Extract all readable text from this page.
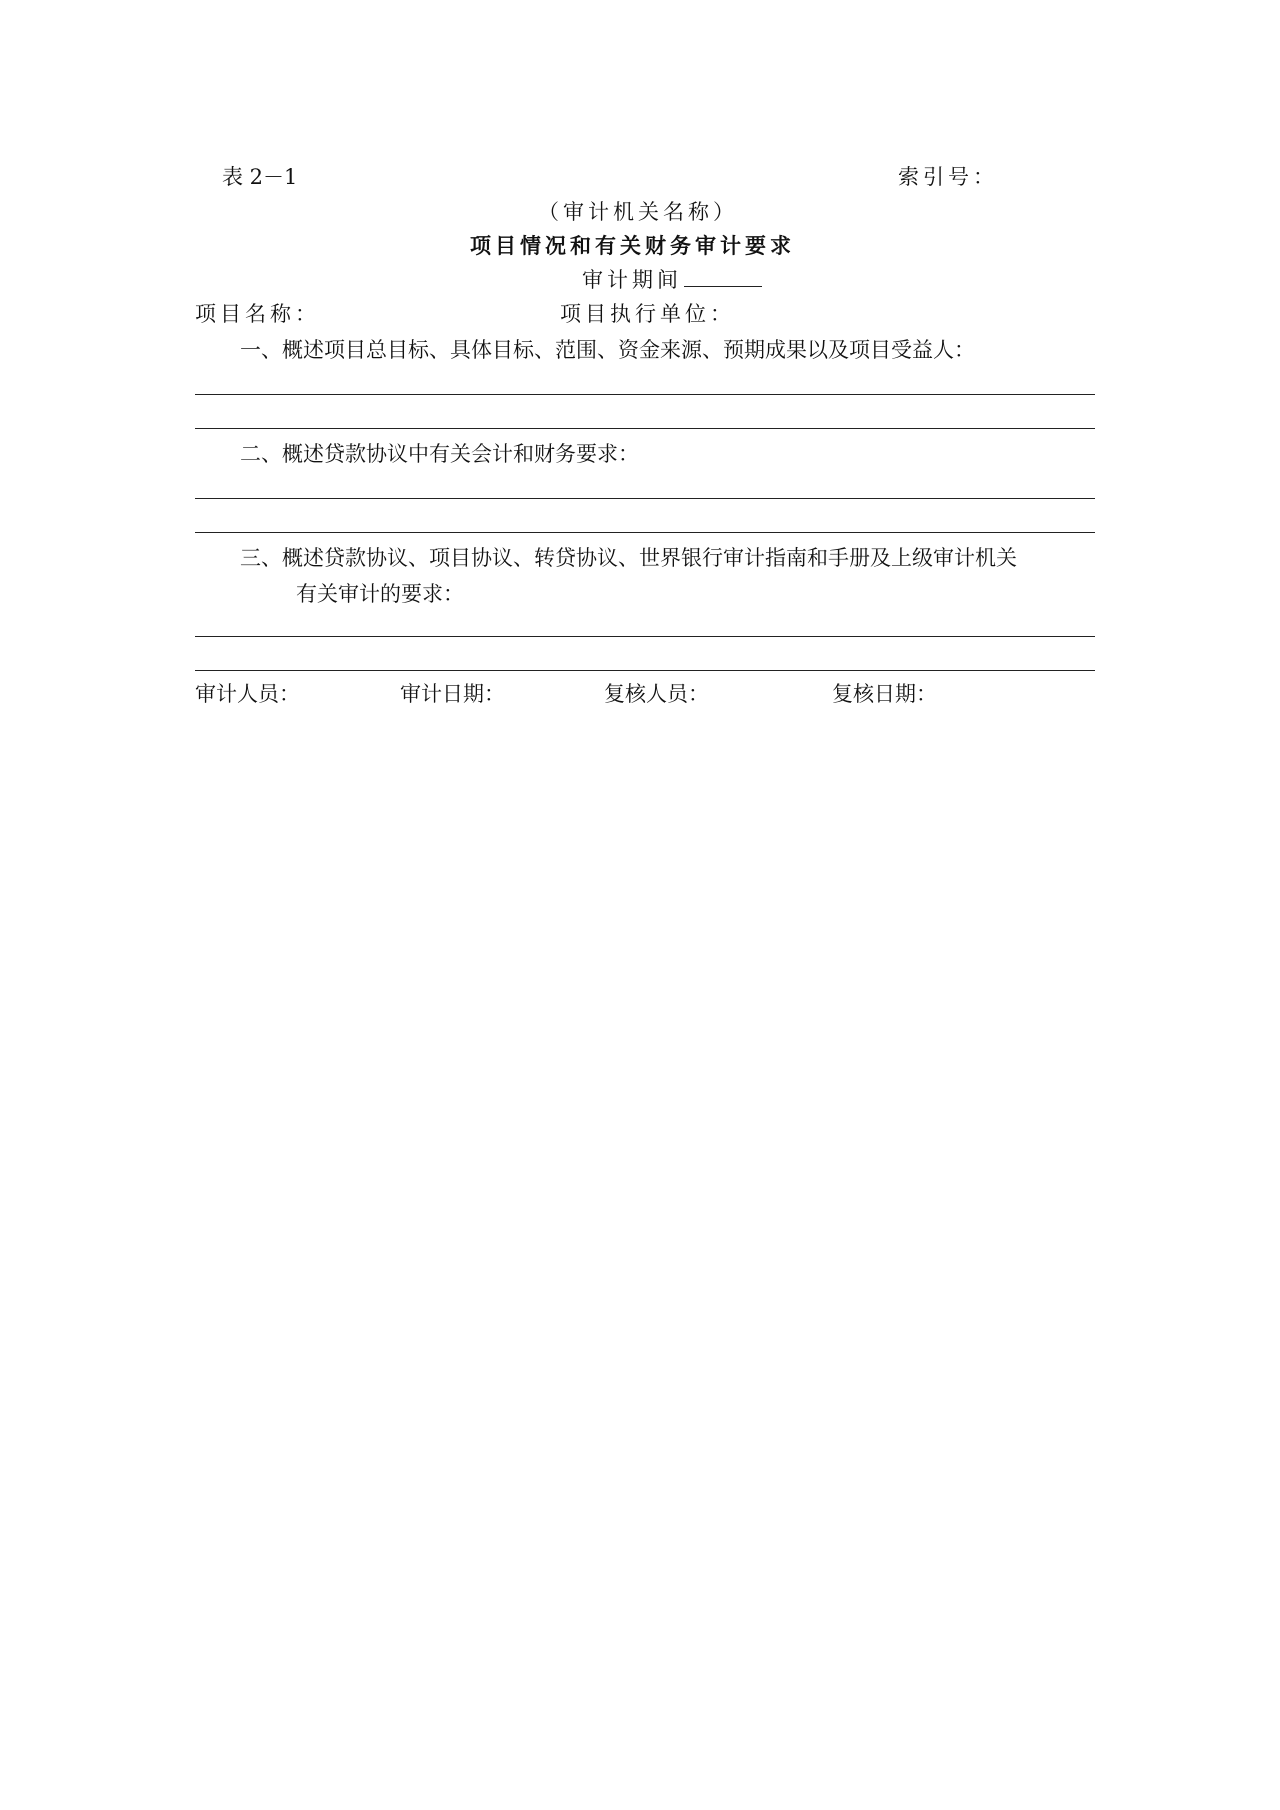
表 2－1	索引号：
（审计机关名称）
项目情况和有关财务审计要求
审计期间
项目名称：	项目执行单位：
一、概述项目总目标、具体目标、范围、资金来源、预期成果以及项目受益人：
二、概述贷款协议中有关会计和财务要求：
三、概述贷款协议、项目协议、转贷协议、世界银行审计指南和手册及上级审计机关
有关审计的要求：
审计人员：	审计日期：	复核人员：	复核日期：
